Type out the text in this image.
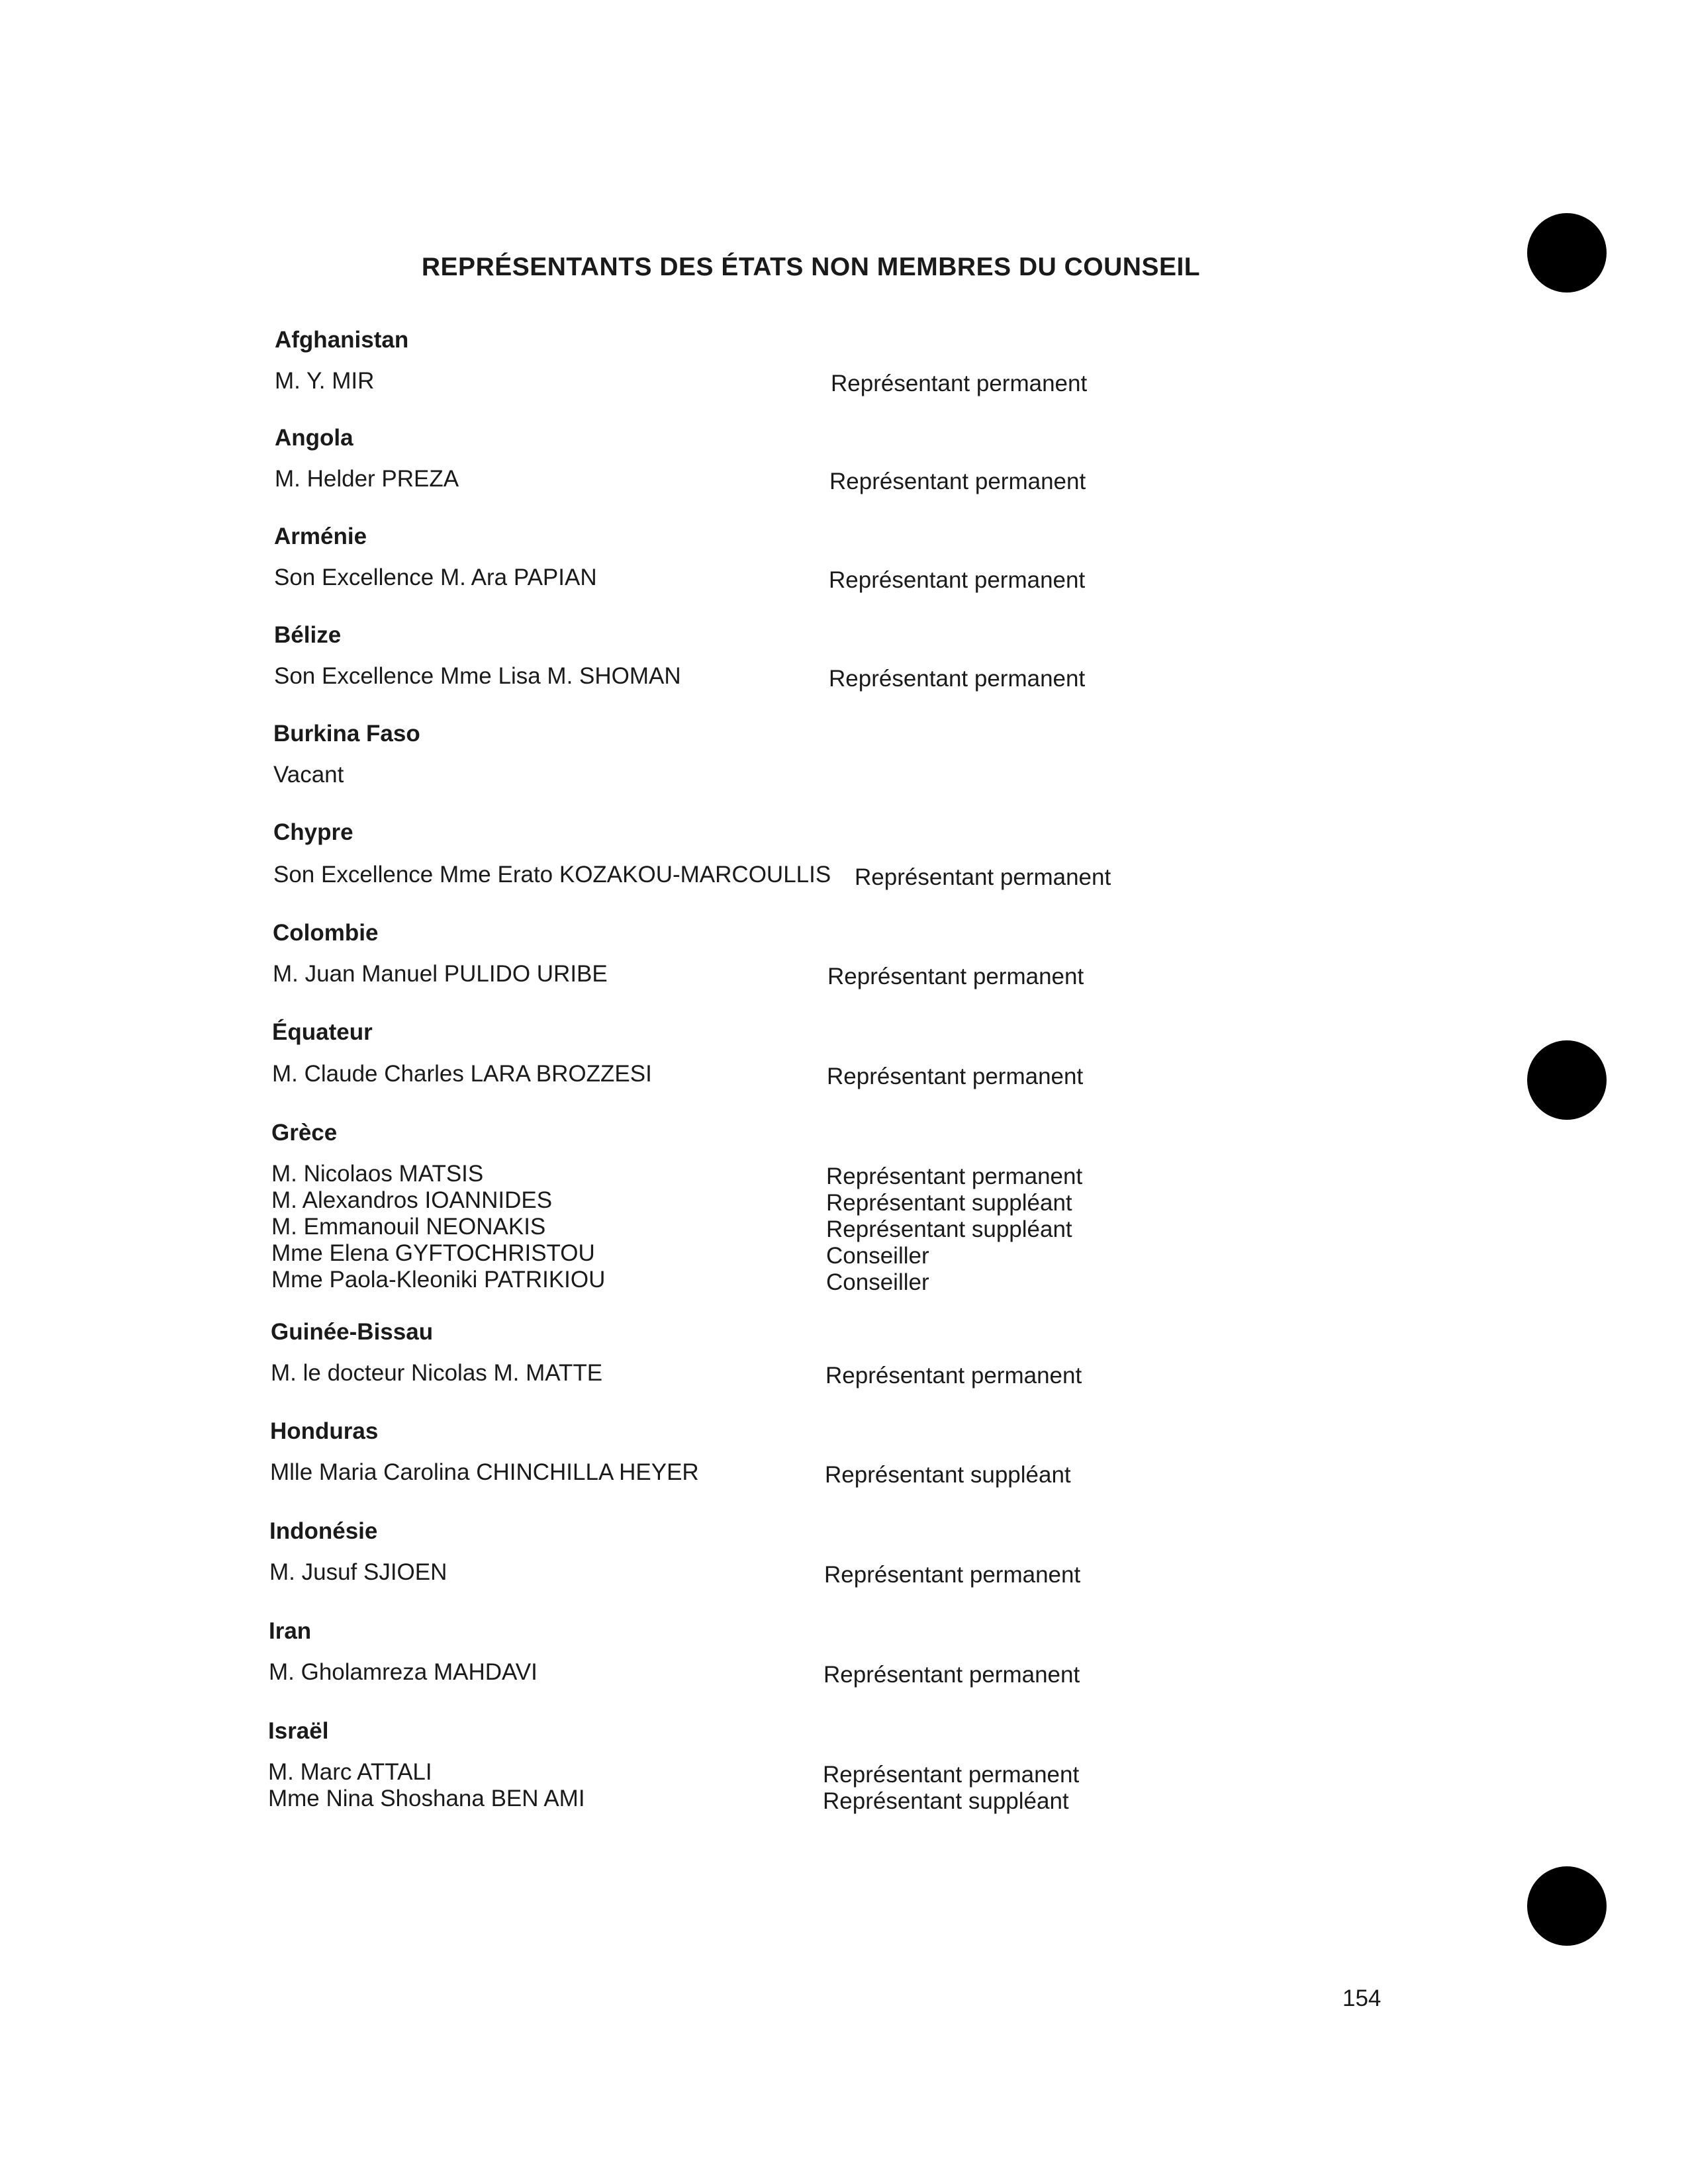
REPRÉSENTANTS DES ÉTATS NON MEMBRES DU COUNSEIL
Afghanistan
M. Y. MIR	Représentant permanent
Angola
M. Helder PREZA	Représentant permanent
Arménie
Son Excellence M. Ara PAPIAN	Représentant permanent
Bélize
Son Excellence Mme Lisa M. SHOMAN	Représentant permanent
Burkina Faso
Vacant
Chypre
Son Excellence Mme Erato KOZAKOU-MARCOULLIS Représentant permanent
Colombie
M. Juan Manuel PULIDO URIBE	Représentant permanent
Équateur
M. Claude Charles LARA BROZZESI	Représentant permanent
Grèce
M. Nicolaos MATSIS	Représentant permanent
M. Alexandros IOANNIDES	Représentant suppléant
M. Emmanouil NEONAKIS	Représentant suppléant
Mme Elena GYFTOCHRISTOU	Conseiller
Mme Paola-Kleoniki PATRIKIOU	Conseiller
Guinée-Bissau
M. le docteur Nicolas M. MATTE	Représentant permanent
Honduras
Mlle Maria Carolina CHINCHILLA HEYER	Représentant suppléant
Indonésie
M. Jusuf SJIOEN	Représentant permanent
Iran
M. Gholamreza MAHDAVI	Représentant permanent
Israël
M. Marc ATTALI	Représentant permanent
Mme Nina Shoshana BEN AMI	Représentant suppléant
154
